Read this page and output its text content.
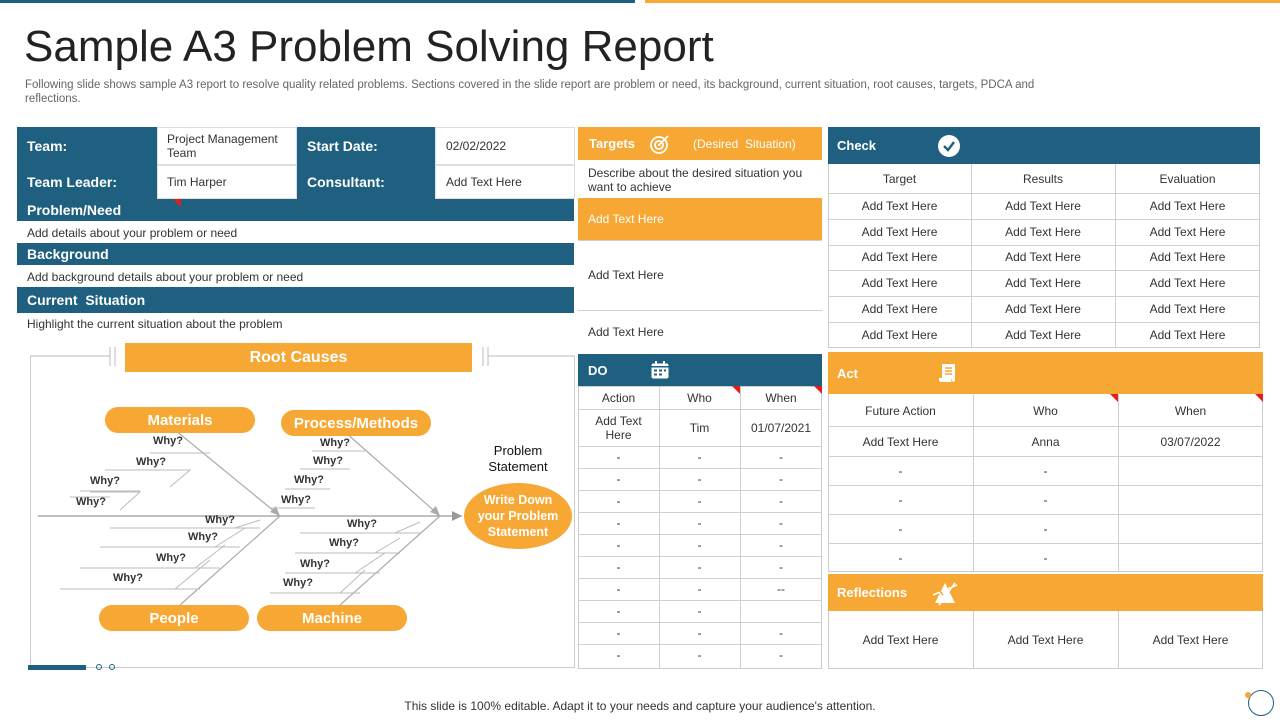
Sample A3 Problem Solving Report
Following slide shows sample A3 report to resolve quality related problems. Sections covered in the slide report are problem or need, its background, current situation, root causes, targets, PDCA and reflections.
Team:	Project Management Team	Start Date:	02/02/2022
Team Leader:	Tim Harper	Consultant:	Add Text Here
Problem/Need
Add details about your problem or need
Background
Add background details about your problem or need
Current  Situation
Highlight the current situation about the problem
Root Causes
Materials	Process/Methods
People	Machine
Why?
Why?
Why?
Why?
Why?
Why?
Why?
Why?
Why?
Why?
Why?
Why?
Why?
Why?
Why?
Why?
Problem Statement
Write Down your Problem Statement
Targets	(Desired  Situation)
Describe about the desired situation you want to achieve
Add Text Here
Add Text Here
Add Text Here
DO
Action	Who	When
Add Text Here	Tim	01/07/2021
-	-	-
-	-	-
-	-	-
-	-	-
-	-	-
-	-	-
-	-	--
-	-
-	-	-
-	-	-
Check
Target	Results	Evaluation
Add Text Here	Add Text Here	Add Text Here
Add Text Here	Add Text Here	Add Text Here
Add Text Here	Add Text Here	Add Text Here
Add Text Here	Add Text Here	Add Text Here
Add Text Here	Add Text Here	Add Text Here
Add Text Here	Add Text Here	Add Text Here
Act
Future Action	Who	When
Add Text Here	Anna	03/07/2022
-	-
-	-
-	-
-	-
Reflections
Add Text Here	Add Text Here	Add Text Here
This slide is 100% editable. Adapt it to your needs and capture your audience's attention.
